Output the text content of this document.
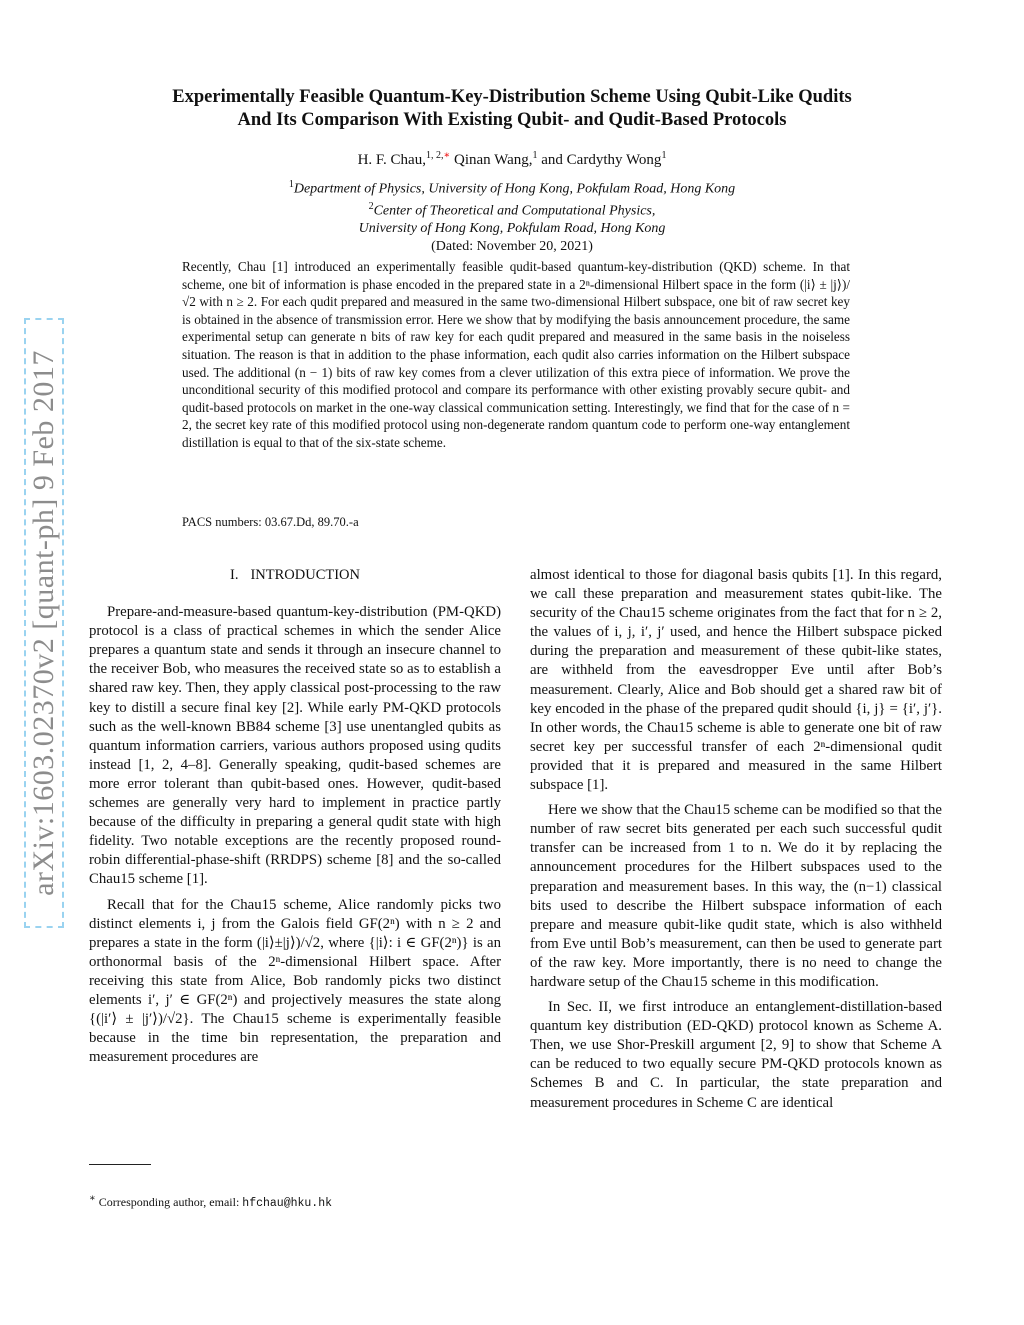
arXiv:1603.02370v2 [quant-ph] 9 Feb 2017
Experimentally Feasible Quantum-Key-Distribution Scheme Using Qubit-Like Qudits
And Its Comparison With Existing Qubit- and Qudit-Based Protocols
H. F. Chau,$^{1, 2,∗}$ Qinan Wang,$^1$ and Cardythy Wong$^1$
$^1$Department of Physics, University of Hong Kong, Pokfulam Road, Hong Kong
$^2$Center of Theoretical and Computational Physics,
University of Hong Kong, Pokfulam Road, Hong Kong
(Dated: November 20, 2021)
Recently, Chau [1] introduced an experimentally feasible qudit-based quantum-key-distribution (QKD) scheme. In that scheme, one bit of information is phase encoded in the prepared state in a 2ⁿ-dimensional Hilbert space in the form (|i⟩ ± |j⟩)/√2 with n ≥ 2. For each qudit prepared and measured in the same two-dimensional Hilbert subspace, one bit of raw secret key is obtained in the absence of transmission error. Here we show that by modifying the basis announcement procedure, the same experimental setup can generate n bits of raw key for each qudit prepared and measured in the same basis in the noiseless situation. The reason is that in addition to the phase information, each qudit also carries information on the Hilbert subspace used. The additional (n − 1) bits of raw key comes from a clever utilization of this extra piece of information. We prove the unconditional security of this modified protocol and compare its performance with other existing provably secure qubit- and qudit-based protocols on market in the one-way classical communication setting. Interestingly, we find that for the case of n = 2, the secret key rate of this modified protocol using non-degenerate random quantum code to perform one-way entanglement distillation is equal to that of the six-state scheme.
PACS numbers: 03.67.Dd, 89.70.-a
I. INTRODUCTION

Prepare-and-measure-based quantum-key-distribution (PM-QKD) protocol is a class of practical schemes in which the sender Alice prepares a quantum state and sends it through an insecure channel to the receiver Bob, who measures the received state so as to establish a shared raw key. Then, they apply classical post-processing to the raw key to distill a secure final key [2]. While early PM-QKD protocols such as the well-known BB84 scheme [3] use unentangled qubits as quantum information carriers, various authors proposed using qudits instead [1, 2, 4–8]. Generally speaking, qudit-based schemes are more error tolerant than qubit-based ones. However, qudit-based schemes are generally very hard to implement in practice partly because of the difficulty in preparing a general qudit state with high fidelity. Two notable exceptions are the recently proposed round-robin differential-phase-shift (RRDPS) scheme [8] and the so-called Chau15 scheme [1].

Recall that for the Chau15 scheme, Alice randomly picks two distinct elements i, j from the Galois field GF(2ⁿ) with n ≥ 2 and prepares a state in the form (|i⟩±|j⟩)/√2, where {|i⟩: i ∈ GF(2ⁿ)} is an orthonormal basis of the 2ⁿ-dimensional Hilbert space. After receiving this state from Alice, Bob randomly picks two distinct elements i′, j′ ∈ GF(2ⁿ) and projectively measures the state along {(|i′⟩ ± |j′⟩)/√2}. The Chau15 scheme is experimentally feasible because in the time bin representation, the preparation and measurement procedures are

almost identical to those for diagonal basis qubits [1]. In this regard, we call these preparation and measurement states qubit-like. The security of the Chau15 scheme originates from the fact that for n ≥ 2, the values of i, j, i′, j′ used, and hence the Hilbert subspace picked during the preparation and measurement of these qubit-like states, are withheld from the eavesdropper Eve until after Bob’s measurement. Clearly, Alice and Bob should get a shared raw bit of key encoded in the phase of the prepared qudit should {i, j} = {i′, j′}. In other words, the Chau15 scheme is able to generate one bit of raw secret key per successful transfer of each 2ⁿ-dimensional qudit provided that it is prepared and measured in the same Hilbert subspace [1].

Here we show that the Chau15 scheme can be modified so that the number of raw secret bits generated per each such successful qudit transfer can be increased from 1 to n. We do it by replacing the announcement procedures for the Hilbert subspaces used to the preparation and measurement bases. In this way, the (n−1) classical bits used to describe the Hilbert subspace information of each prepare and measure qubit-like qudit state, which is also withheld from Eve until Bob’s measurement, can then be used to generate part of the raw key. More importantly, there is no need to change the hardware setup of the Chau15 scheme in this modification.

In Sec. II, we first introduce an entanglement-distillation-based quantum key distribution (ED-QKD) protocol known as Scheme A. Then, we use Shor-Preskill argument [2, 9] to show that Scheme A can be reduced to two equally secure PM-QKD protocols known as Schemes B and C. In particular, the state preparation and measurement procedures in Scheme C are identical

∗ Corresponding author, email: hfchau@hku.hk
